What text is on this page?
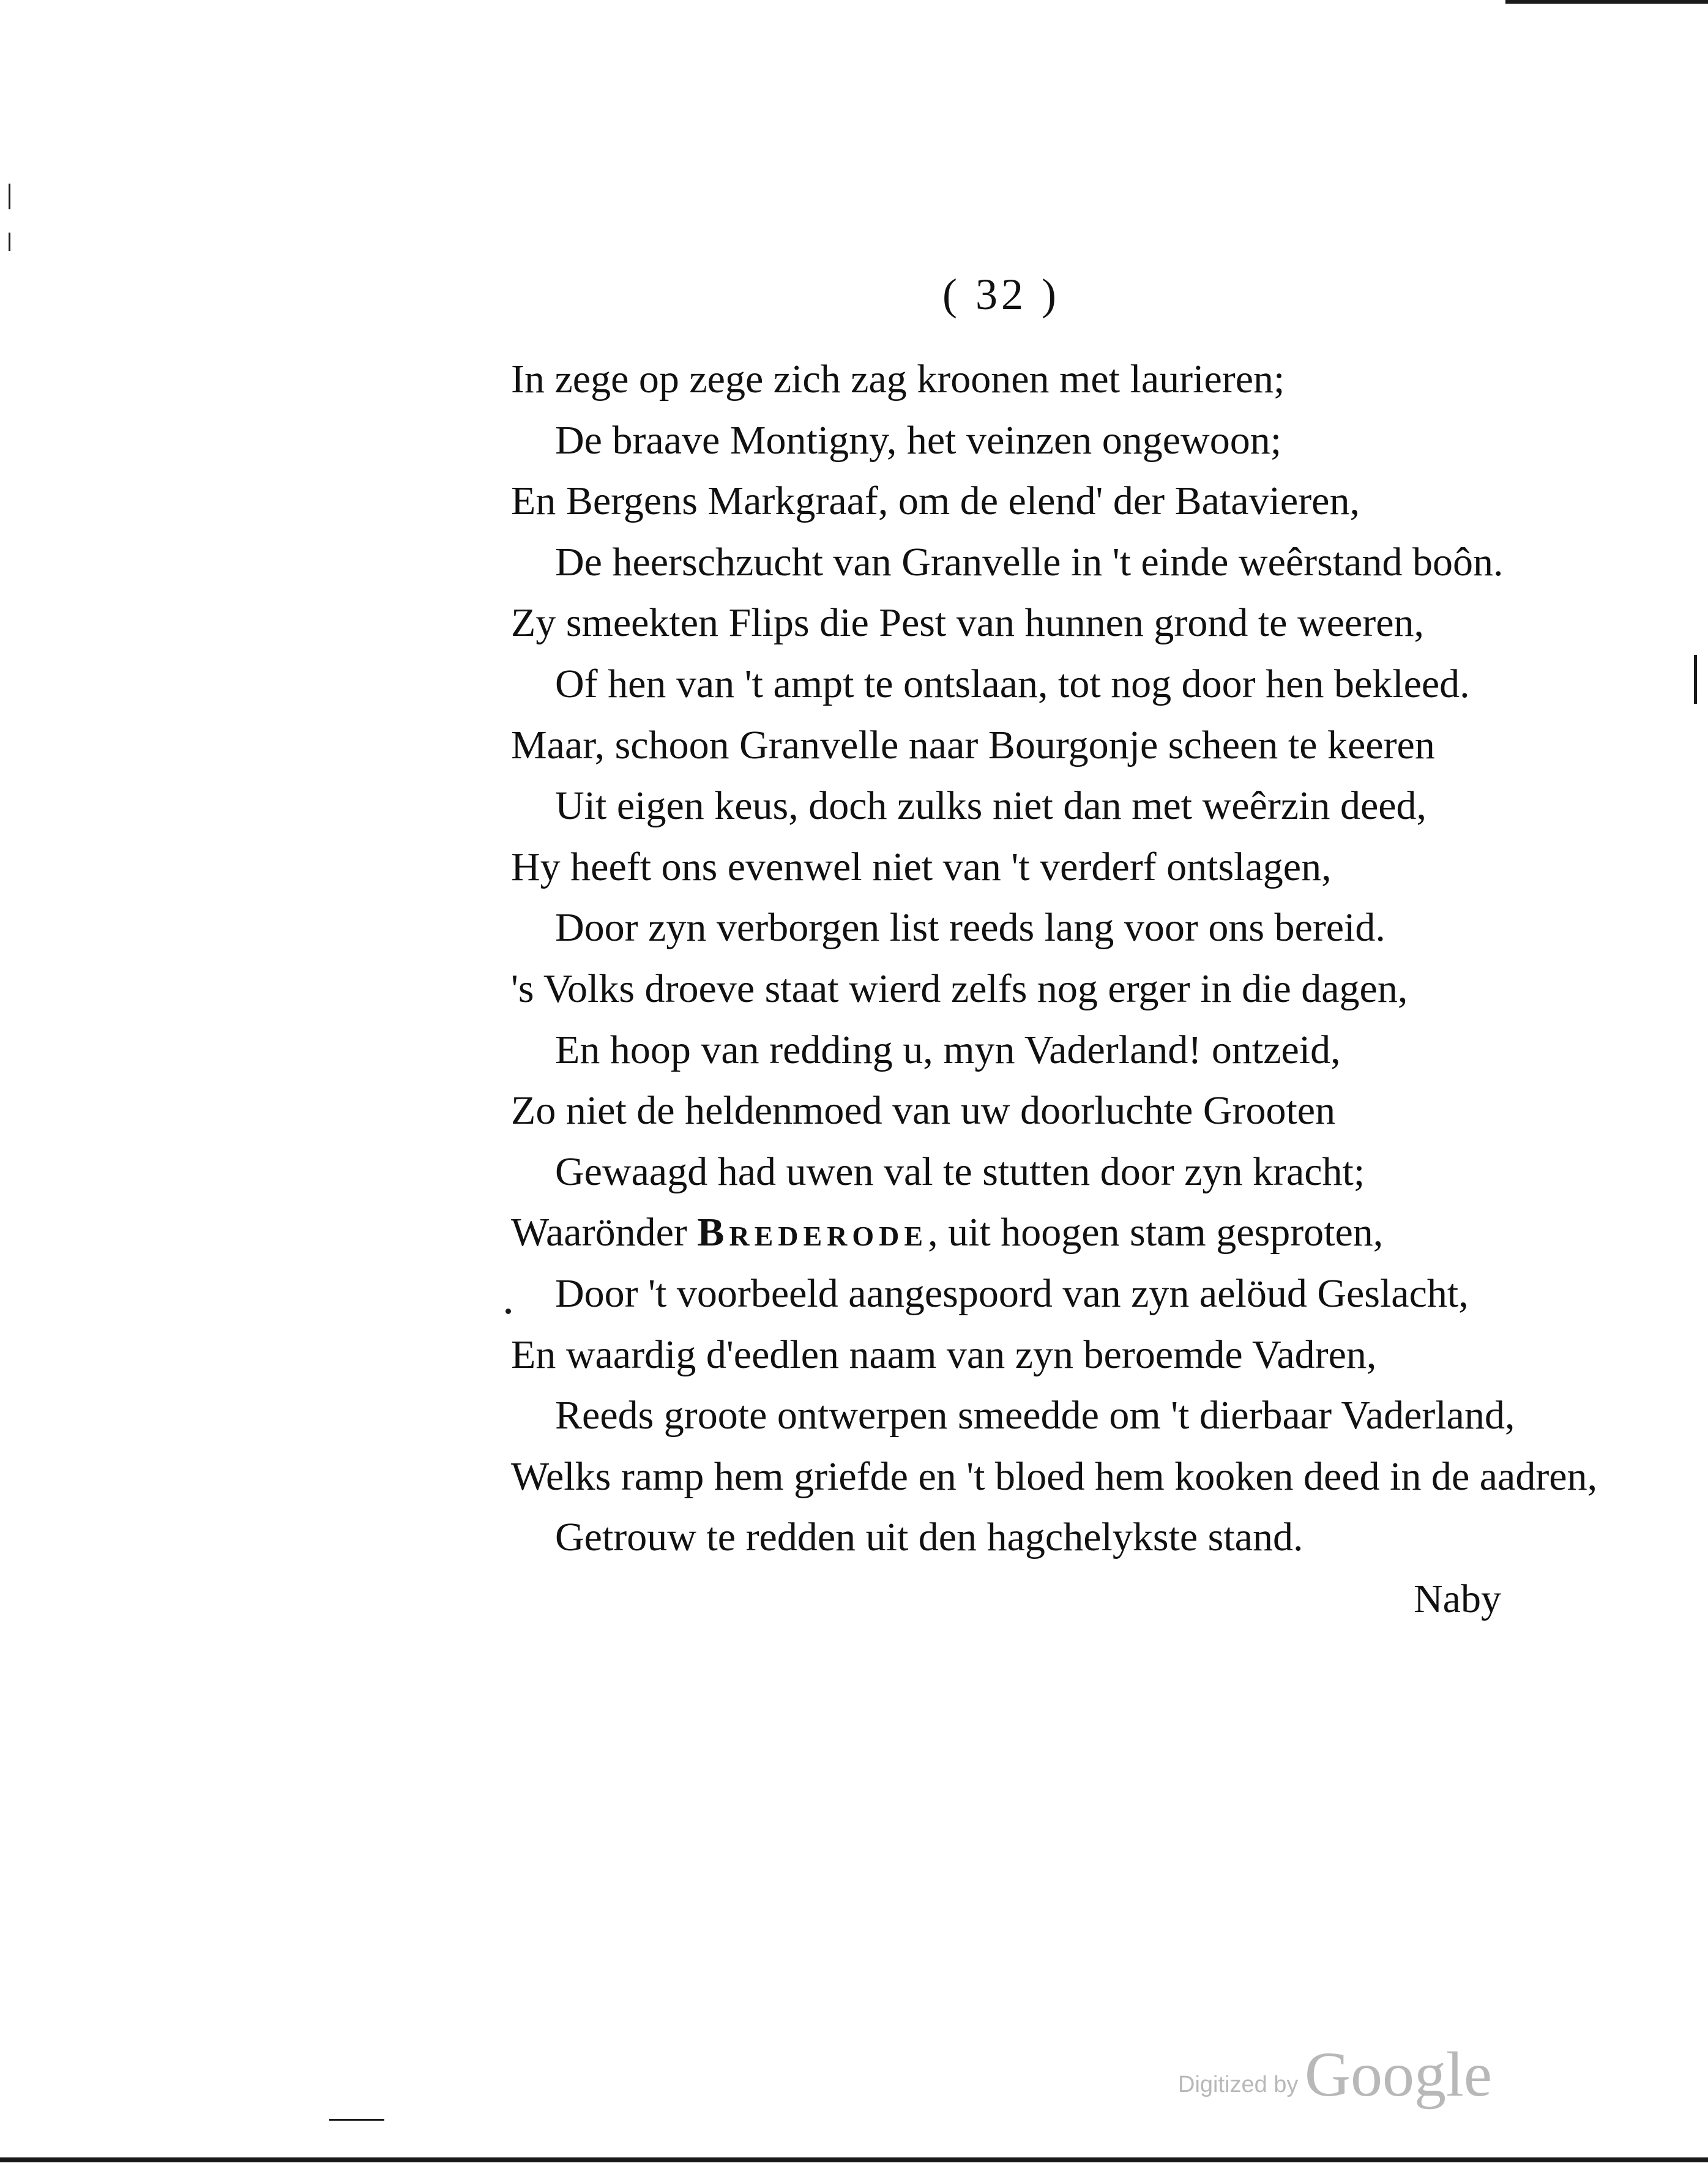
( 32 )
In zege op zege zich zag kroonen met laurieren;
De braave Montigny, het veinzen ongewoon;
En Bergens Markgraaf, om de elend' der Batavieren,
De heerschzucht van Granvelle in 't einde weêrstand boôn.
Zy smeekten Flips die Pest van hunnen grond te weeren,
Of hen van 't ampt te ontslaan, tot nog door hen bekleed.
Maar, schoon Granvelle naar Bourgonje scheen te keeren
Uit eigen keus, doch zulks niet dan met weêrzin deed,
Hy heeft ons evenwel niet van 't verderf ontslagen,
Door zyn verborgen list reeds lang voor ons bereid.
's Volks droeve staat wierd zelfs nog erger in die dagen,
En hoop van redding u, myn Vaderland! ontzeid,
Zo niet de heldenmoed van uw doorluchte Grooten
Gewaagd had uwen val te stutten door zyn kracht;
Waarönder Brederode, uit hoogen stam gesproten,
Door 't voorbeeld aangespoord van zyn aelöud Geslacht,
En waardig d'eedlen naam van zyn beroemde Vadren,
Reeds groote ontwerpen smeedde om 't dierbaar Vaderland,
Welks ramp hem griefde en 't bloed hem kooken deed in de aadren,
Getrouw te redden uit den hagchelykste stand.
Naby
Digitized by Google
